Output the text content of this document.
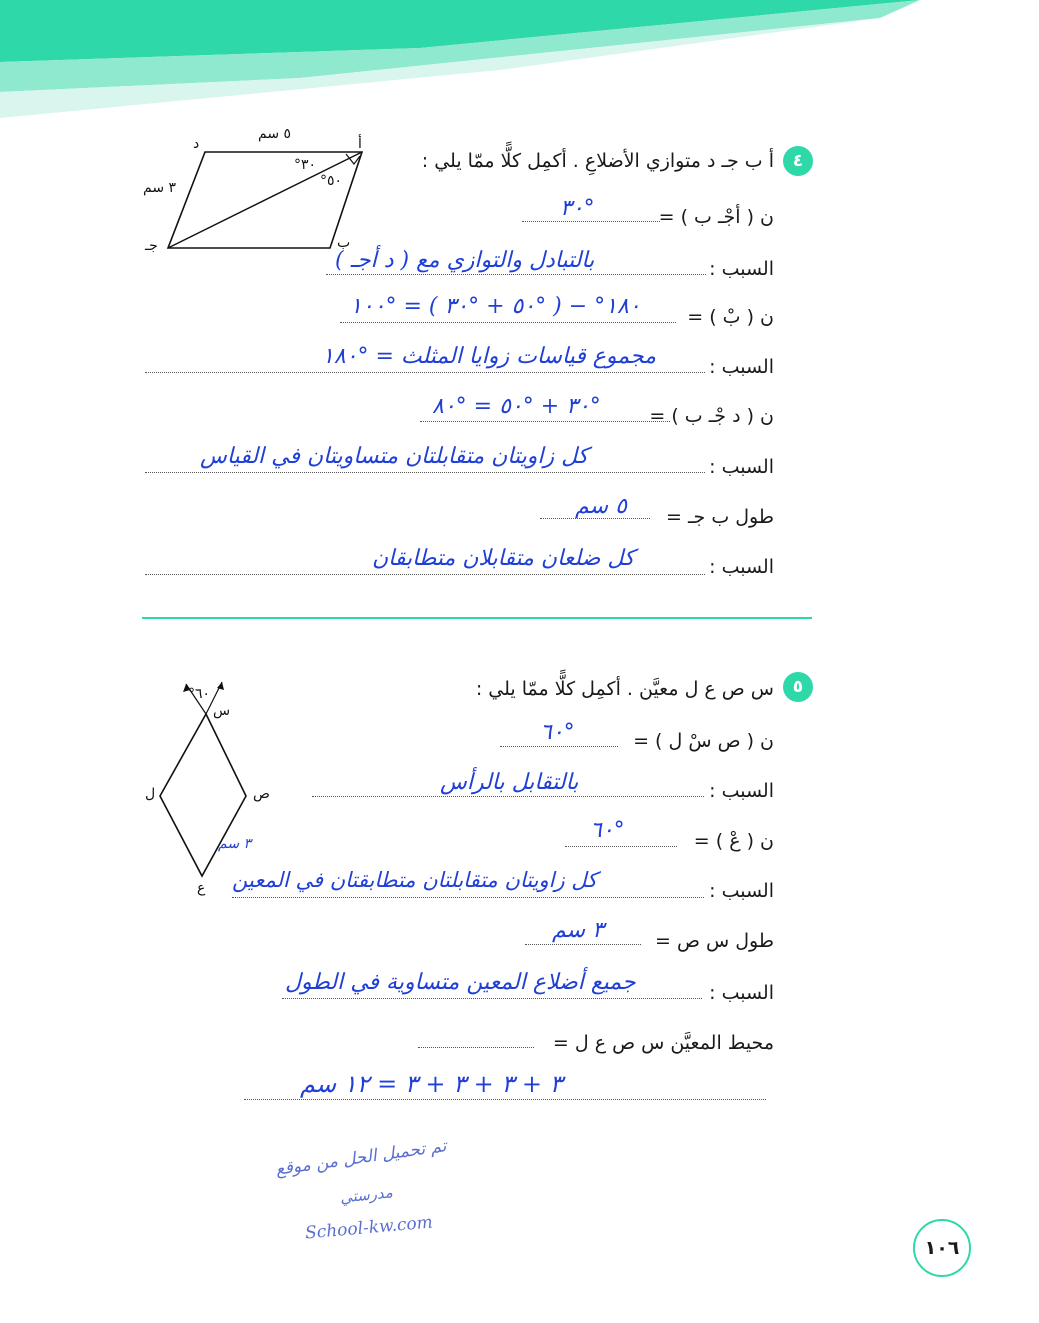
٤
أ ب جـ د متوازي الأضلاعِ . أكمِل كلًّا ممّا يلي :
أ
د
ب
جـ
٥ سم
٣ سم
°٣٠
°٥٠
ن ( أجْـ ب ) =
°٣٠
السبب :
بالتبادل والتوازي مع ( د أجـ )
ن ( بْ ) =
١٨٠° − ( °٥٠ + °٣٠ ) = °١٠٠
السبب :
مجموع قياسات زوايا المثلث = °١٨٠
ن ( د جْـ ب ) =
°٣٠ + °٥٠ = °٨٠
السبب :
كل زاويتان متقابلتان متساويتان في القياس
طول ب جـ =
٥ سم
السبب :
كل ضلعان متقابلان متطابقان
٥
س ص ع ل معيَّن . أكمِل كلًّا ممّا يلي :
°٦٠
س
ص
ل
ع
٣ سم
ن ( ص سْ ل ) =
°٦٠
السبب :
بالتقابل بالرأس
ن ( عْ ) =
°٦٠
السبب :
كل زاويتان متقابلتان متطابقتان في المعين
طول س ص =
٣ سم
السبب :
جميع أضلاع المعين متساوية في الطول
محيط المعيَّن س ص ع ل =
٣ + ٣ + ٣ + ٣ = ١٢ سم
تم تحميل الحل من موقع
مدرستي
School-kw.com
١٠٦
